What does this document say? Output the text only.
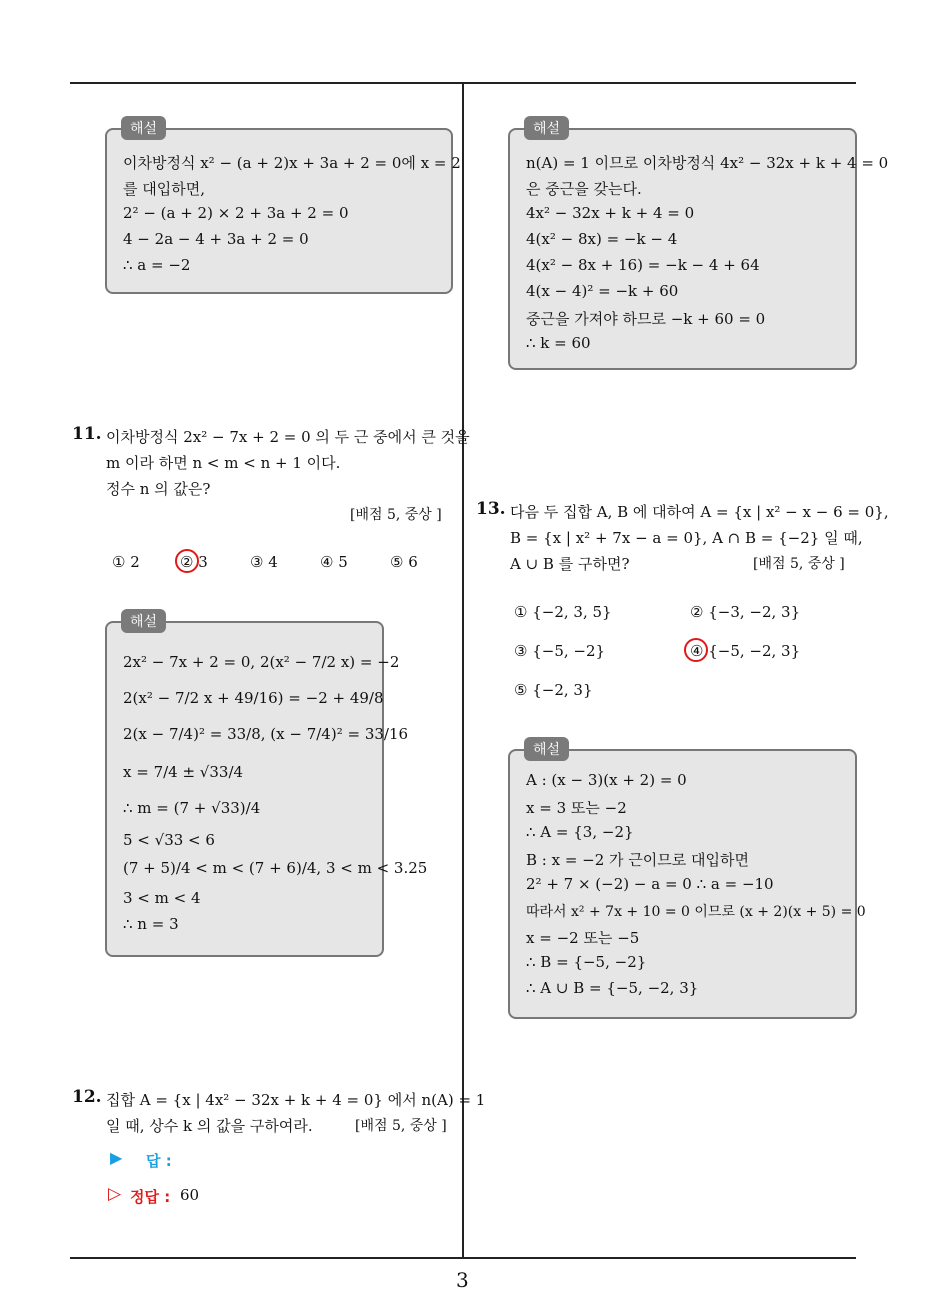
해설
이차방정식 x² − (a + 2)x + 3a + 2 = 0에 x = 2
를 대입하면,
2² − (a + 2) × 2 + 3a + 2 = 0
4 − 2a − 4 + 3a + 2 = 0
∴ a = −2
11. 이차방정식 2x² − 7x + 2 = 0 의 두 근 중에서 큰 것을
m 이라 하면 n < m < n + 1 이다.
정수 n 의 값은?
[배점 5, 중상 ]
① 2	② 3	③ 4	④ 5	⑤ 6
해설
2x² − 7x + 2 = 0, 2(x² − 7/2 x) = −2
2(x² − 7/2 x + 49/16) = −2 + 49/8
2(x − 7/4)² = 33/8, (x − 7/4)² = 33/16
x = 7/4 ± √33/4
∴ m = (7 + √33)/4
5 < √33 < 6
(7 + 5)/4 < m < (7 + 6)/4, 3 < m < 3.25
3 < m < 4
∴ n = 3
12. 집합 A = {x | 4x² − 32x + k + 4 = 0} 에서 n(A) = 1
일 때, 상수 k 의 값을 구하여라.	[배점 5, 중상 ]
▶ 답 :
▷ 정답 : 60
해설
n(A) = 1 이므로 이차방정식 4x² − 32x + k + 4 = 0
은 중근을 갖는다.
4x² − 32x + k + 4 = 0
4(x² − 8x) = −k − 4
4(x² − 8x + 16) = −k − 4 + 64
4(x − 4)² = −k + 60
중근을 가져야 하므로 −k + 60 = 0
∴ k = 60
13. 다음 두 집합 A, B 에 대하여 A = {x | x² − x − 6 = 0},
B = {x | x² + 7x − a = 0}, A ∩ B = {−2} 일 때,
A ∪ B 를 구하면?	[배점 5, 중상 ]
① {−2, 3, 5}	② {−3, −2, 3}
③ {−5, −2}	④ {−5, −2, 3}
⑤ {−2, 3}
해설
A : (x − 3)(x + 2) = 0
x = 3 또는 −2
∴ A = {3, −2}
B : x = −2 가 근이므로 대입하면
2² + 7 × (−2) − a = 0 ∴ a = −10
따라서 x² + 7x + 10 = 0 이므로 (x + 2)(x + 5) = 0
x = −2 또는 −5
∴ B = {−5, −2}
∴ A ∪ B = {−5, −2, 3}
3
